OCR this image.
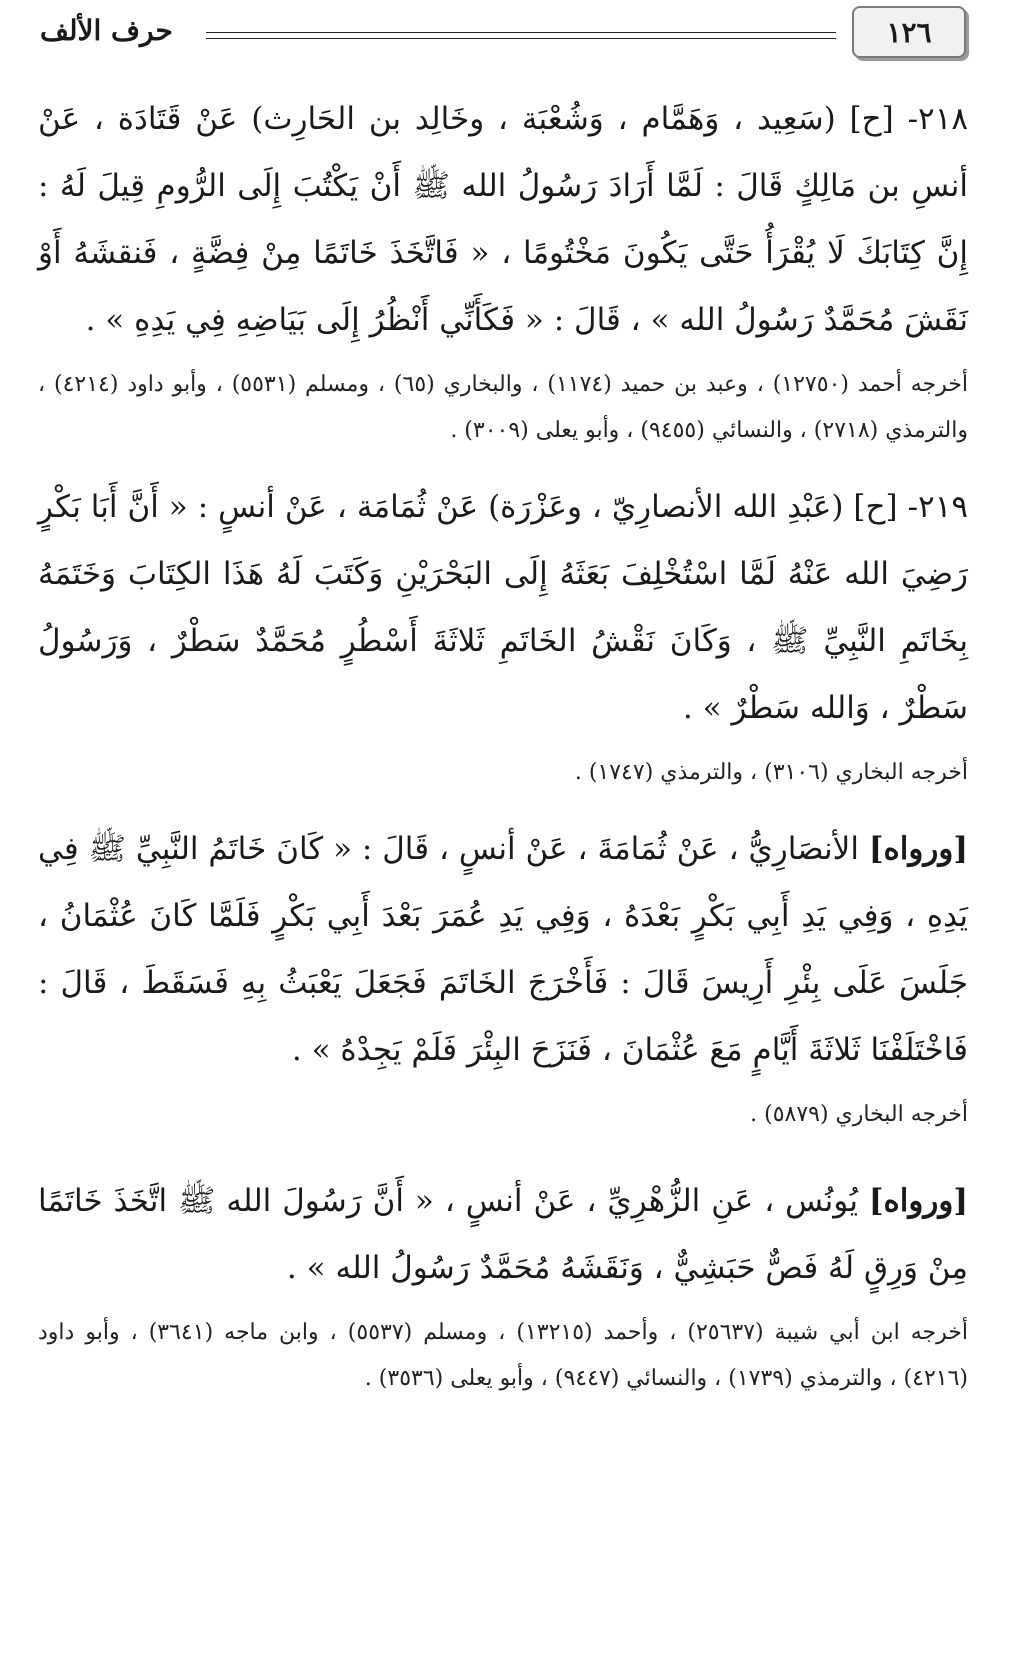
١٢٦
حرف الألف

٢١٨- [ح] (سَعِيد ، وَهَمَّام ، وَشُعْبَة ، وخَالِد بن الحَارِث) عَنْ قَتَادَة ، عَنْ أنسِ بن مَالِكٍ قَالَ : لَمَّا أَرَادَ رَسُولُ الله ﷺ أَنْ يَكْتُبَ إِلَى الرُّومِ قِيلَ لَهُ : إِنَّ كِتَابَكَ لَا يُقْرَأُ حَتَّى يَكُونَ مَخْتُومًا ، « فَاتَّخَذَ خَاتَمًا مِنْ فِضَّةٍ ، فَنقشَهُ أَوْ نَقَشَ مُحَمَّدٌ رَسُولُ الله » ، قَالَ : « فَكَأَنِّي أَنْظُرُ إِلَى بَيَاضِهِ فِي يَدِهِ » .

أخرجه أحمد (١٢٧٥٠) ، وعبد بن حميد (١١٧٤) ، والبخاري (٦٥) ، ومسلم (٥٥٣١) ، وأبو داود (٤٢١٤) ، والترمذي (٢٧١٨) ، والنسائي (٩٤٥٥) ، وأبو يعلى (٣٠٠٩) .

٢١٩- [ح] (عَبْدِ الله الأنصارِيّ ، وعَزْرَة) عَنْ ثُمَامَة ، عَنْ أنسٍ : « أَنَّ أَبَا بَكْرٍ رَضِيَ الله عَنْهُ لَمَّا اسْتُخْلِفَ بَعَثَهُ إِلَى البَحْرَيْنِ وَكَتَبَ لَهُ هَذَا الكِتَابَ وَخَتَمَهُ بِخَاتَمِ النَّبِيِّ ﷺ ، وَكَانَ نَقْشُ الخَاتَمِ ثَلاثَةَ أَسْطُرٍ مُحَمَّدٌ سَطْرٌ ، وَرَسُولُ سَطْرٌ ، وَالله سَطْرٌ » .

أخرجه البخاري (٣١٠٦) ، والترمذي (١٧٤٧) .

[ورواه] الأنصَارِيُّ ، عَنْ ثُمَامَةَ ، عَنْ أنسٍ ، قَالَ : « كَانَ خَاتَمُ النَّبِيِّ ﷺ فِي يَدِهِ ، وَفِي يَدِ أَبِي بَكْرٍ بَعْدَهُ ، وَفِي يَدِ عُمَرَ بَعْدَ أَبِي بَكْرٍ فَلَمَّا كَانَ عُثْمَانُ ، جَلَسَ عَلَى بِئْرِ أَرِيسَ قَالَ : فَأَخْرَجَ الخَاتَمَ فَجَعَلَ يَعْبَثُ بِهِ فَسَقَطَ ، قَالَ : فَاخْتَلَفْنَا ثَلاثَةَ أَيَّامٍ مَعَ عُثْمَانَ ، فَنَزَحَ البِئْرَ فَلَمْ يَجِدْهُ » .

أخرجه البخاري (٥٨٧٩) .

[ورواه] يُونُس ، عَنِ الزُّهْرِيِّ ، عَنْ أنسٍ ، « أَنَّ رَسُولَ الله ﷺ اتَّخَذَ خَاتَمًا مِنْ وَرِقٍ لَهُ فَصٌّ حَبَشِيٌّ ، وَنَقَشَهُ مُحَمَّدٌ رَسُولُ الله » .

أخرجه ابن أبي شيبة (٢٥٦٣٧) ، وأحمد (١٣٢١٥) ، ومسلم (٥٥٣٧) ، وابن ماجه (٣٦٤١) ، وأبو داود (٤٢١٦) ، والترمذي (١٧٣٩) ، والنسائي (٩٤٤٧) ، وأبو يعلى (٣٥٣٦) .
